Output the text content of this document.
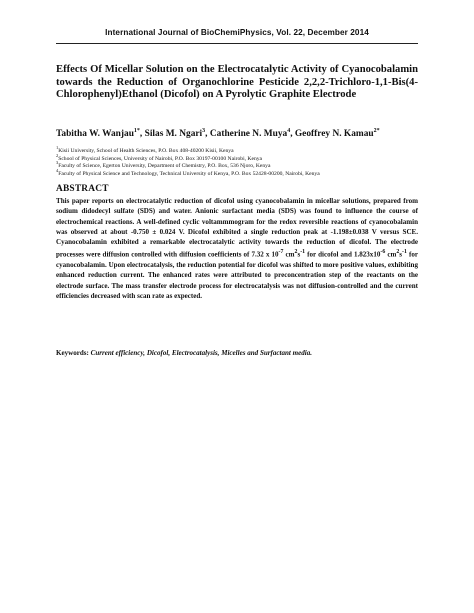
International Journal of BioChemiPhysics, Vol. 22, December 2014
Effects Of Micellar Solution on the Electrocatalytic Activity of Cyanocobalamin towards the Reduction of Organochlorine Pesticide 2,2,2-Trichloro-1,1-Bis(4-Chlorophenyl)Ethanol (Dicofol) on A Pyrolytic Graphite Electrode
Tabitha W. Wanjau$^{1*}$, Silas M. Ngari$^3$, Catherine N. Muya$^4$, Geoffrey N. Kamau$^{2*}$
$^1$Kisii University, School of Health Sciences, P.O. Box 408-40200 Kisii, Kenya
$^2$School of Physical Sciences, University of Nairobi, P.O. Box 30197-00100 Nairobi, Kenya
$^3$Faculty of Science, Egerton University, Department of Chemistry, P.O. Box, 536 Njoro, Kenya
$^4$Faculty of Physical Science and Technology, Technical University of Kenya, P.O. Box 52428-00200, Nairobi, Kenya
ABSTRACT

This paper reports on electrocatalytic reduction of dicofol using cyanocobalamin in micellar solutions, prepared from sodium didodecyl sulfate (SDS) and water. Anionic surfactant media (SDS) was found to influence the course of electrochemical reactions. A well-defined cyclic voltammmogram for the redox reversible reactions of cyanocobalamin was observed at about -0.750 ± 0.024 V. Dicofol exhibited a single reduction peak at -1.198±0.038 V versus SCE. Cyanocobalamin exhibited a remarkable electrocatalytic activity towards the reduction of dicofol. The electrode processes were diffusion controlled with diffusion coefficients of 7.32 x $10^{-7}$ $cm^2s^{-1}$ for dicofol and $1.823x10^{-6}$ $cm^2s^{-1}$ for cyanocobalamin. Upon electrocatalysis, the reduction potential for dicofol was shifted to more positive values, exhibiting enhanced reduction current. The enhanced rates were attributed to preconcentration step of the reactants on the electrode surface. The mass transfer electrode process for electrocatalysis was not diffusion-controlled and the current efficiencies decreased with scan rate as expected.

Keywords: Current efficiency, Dicofol, Electrocatalysis, Micelles and Surfactant media.
